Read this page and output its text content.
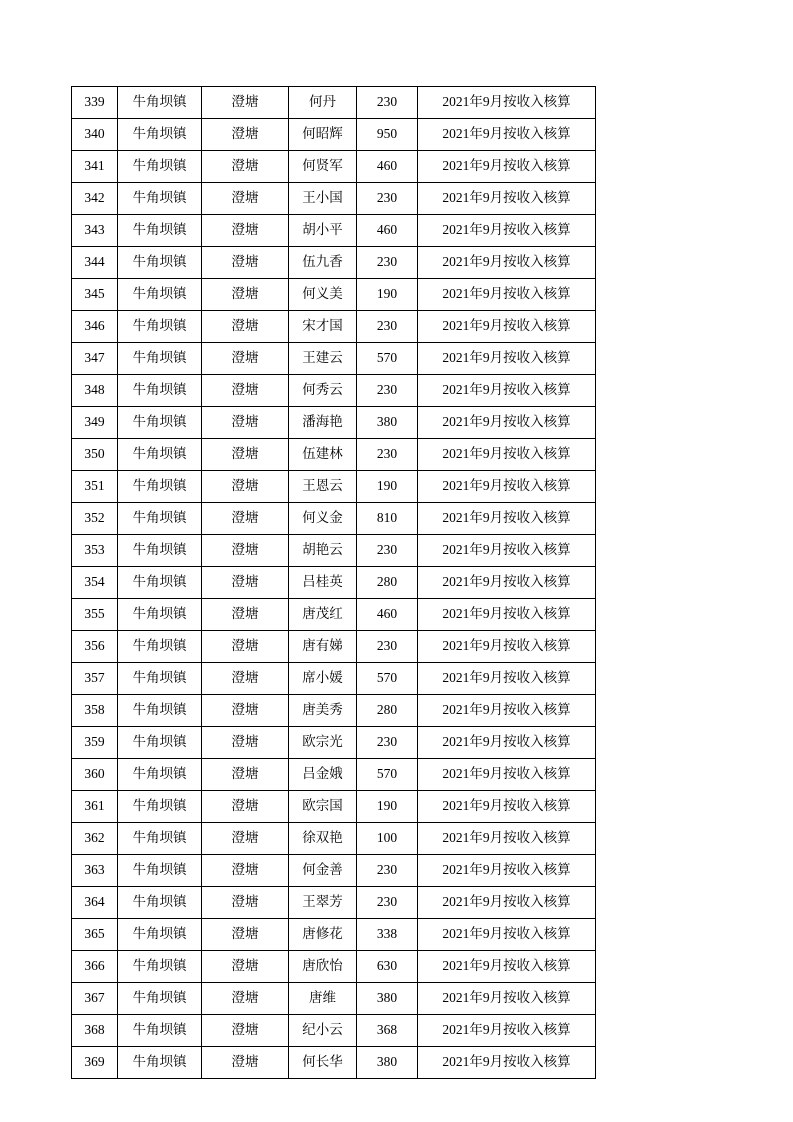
339	牛角坝镇	澄塘	何丹	230	2021年9月按收入核算
340	牛角坝镇	澄塘	何昭辉	950	2021年9月按收入核算
341	牛角坝镇	澄塘	何贤军	460	2021年9月按收入核算
342	牛角坝镇	澄塘	王小国	230	2021年9月按收入核算
343	牛角坝镇	澄塘	胡小平	460	2021年9月按收入核算
344	牛角坝镇	澄塘	伍九香	230	2021年9月按收入核算
345	牛角坝镇	澄塘	何义美	190	2021年9月按收入核算
346	牛角坝镇	澄塘	宋才国	230	2021年9月按收入核算
347	牛角坝镇	澄塘	王建云	570	2021年9月按收入核算
348	牛角坝镇	澄塘	何秀云	230	2021年9月按收入核算
349	牛角坝镇	澄塘	潘海艳	380	2021年9月按收入核算
350	牛角坝镇	澄塘	伍建林	230	2021年9月按收入核算
351	牛角坝镇	澄塘	王恩云	190	2021年9月按收入核算
352	牛角坝镇	澄塘	何义金	810	2021年9月按收入核算
353	牛角坝镇	澄塘	胡艳云	230	2021年9月按收入核算
354	牛角坝镇	澄塘	吕桂英	280	2021年9月按收入核算
355	牛角坝镇	澄塘	唐茂红	460	2021年9月按收入核算
356	牛角坝镇	澄塘	唐有娣	230	2021年9月按收入核算
357	牛角坝镇	澄塘	席小媛	570	2021年9月按收入核算
358	牛角坝镇	澄塘	唐美秀	280	2021年9月按收入核算
359	牛角坝镇	澄塘	欧宗光	230	2021年9月按收入核算
360	牛角坝镇	澄塘	吕金娥	570	2021年9月按收入核算
361	牛角坝镇	澄塘	欧宗国	190	2021年9月按收入核算
362	牛角坝镇	澄塘	徐双艳	100	2021年9月按收入核算
363	牛角坝镇	澄塘	何金善	230	2021年9月按收入核算
364	牛角坝镇	澄塘	王翠芳	230	2021年9月按收入核算
365	牛角坝镇	澄塘	唐修花	338	2021年9月按收入核算
366	牛角坝镇	澄塘	唐欣怡	630	2021年9月按收入核算
367	牛角坝镇	澄塘	唐维	380	2021年9月按收入核算
368	牛角坝镇	澄塘	纪小云	368	2021年9月按收入核算
369	牛角坝镇	澄塘	何长华	380	2021年9月按收入核算
